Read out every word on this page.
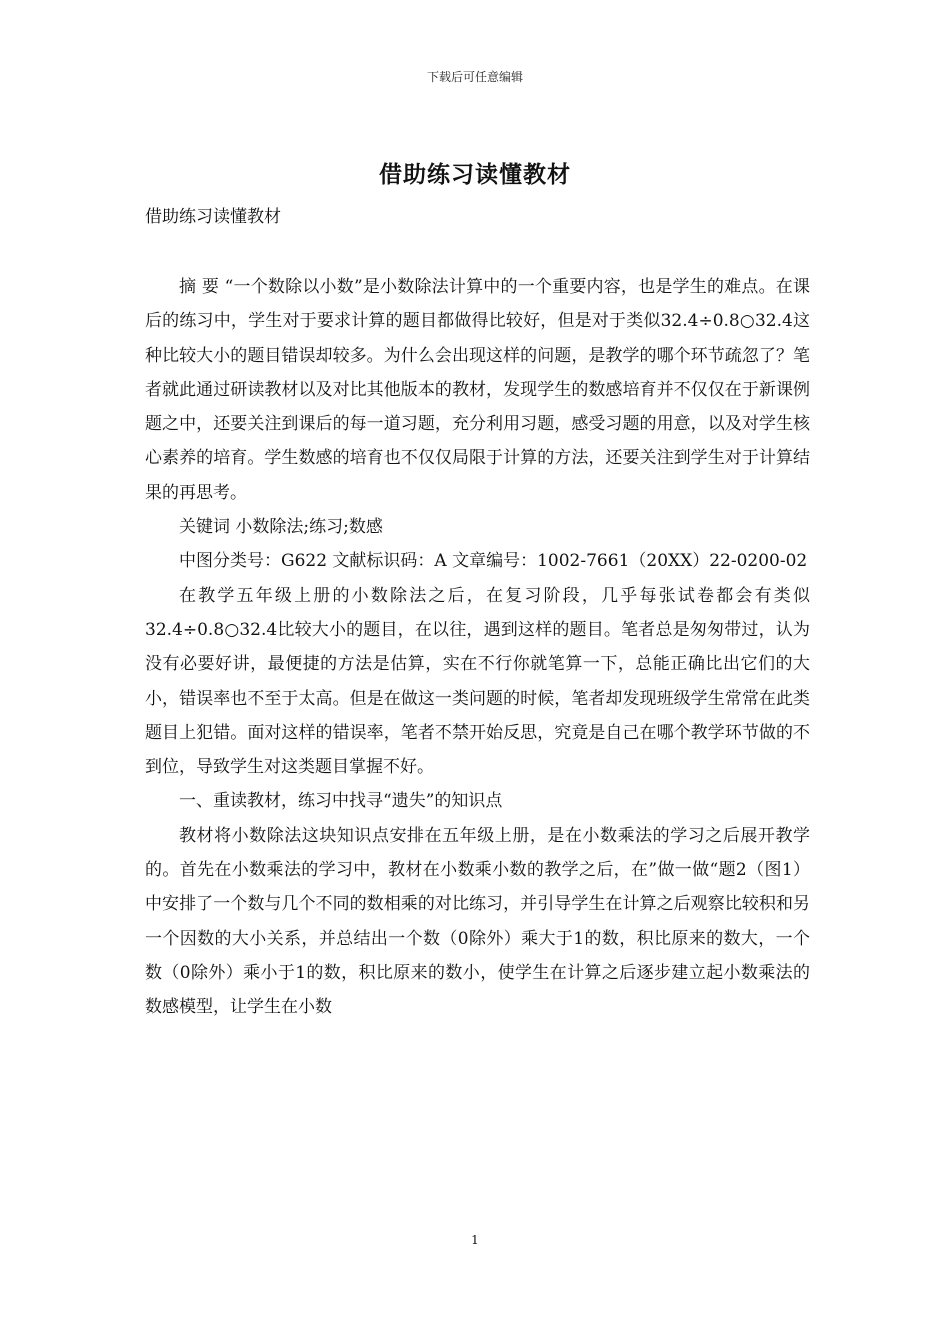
下载后可任意编辑
借助练习读懂教材
借助练习读懂教材

摘 要 “一个数除以小数”是小数除法计算中的一个重要内容，也是学生的难点。在课后的练习中，学生对于要求计算的题目都做得比较好，但是对于类似32.4÷0.8○32.4这种比较大小的题目错误却较多。为什么会出现这样的问题，是教学的哪个环节疏忽了？笔者就此通过研读教材以及对比其他版本的教材，发现学生的数感培育并不仅仅在于新课例题之中，还要关注到课后的每一道习题，充分利用习题，感受习题的用意，以及对学生核心素养的培育。学生数感的培育也不仅仅局限于计算的方法，还要关注到学生对于计算结果的再思考。

关键词 小数除法;练习;数感

中图分类号：G622 文献标识码：A 文章编号：1002-7661（20XX）22-0200-02

在教学五年级上册的小数除法之后，在复习阶段，几乎每张试卷都会有类似32.4÷0.8○32.4比较大小的题目，在以往，遇到这样的题目。笔者总是匆匆带过，认为没有必要好讲，最便捷的方法是估算，实在不行你就笔算一下，总能正确比出它们的大小，错误率也不至于太高。但是在做这一类问题的时候，笔者却发现班级学生常常在此类题目上犯错。面对这样的错误率，笔者不禁开始反思，究竟是自己在哪个教学环节做的不到位，导致学生对这类题目掌握不好。

一、重读教材，练习中找寻“遗失”的知识点

教材将小数除法这块知识点安排在五年级上册，是在小数乘法的学习之后展开教学的。首先在小数乘法的学习中，教材在小数乘小数的教学之后，在”做一做“题2（图1）中安排了一个数与几个不同的数相乘的对比练习，并引导学生在计算之后观察比较积和另一个因数的大小关系，并总结出一个数（0除外）乘大于1的数，积比原来的数大，一个数（0除外）乘小于1的数，积比原来的数小，使学生在计算之后逐步建立起小数乘法的数感模型，让学生在小数

1
